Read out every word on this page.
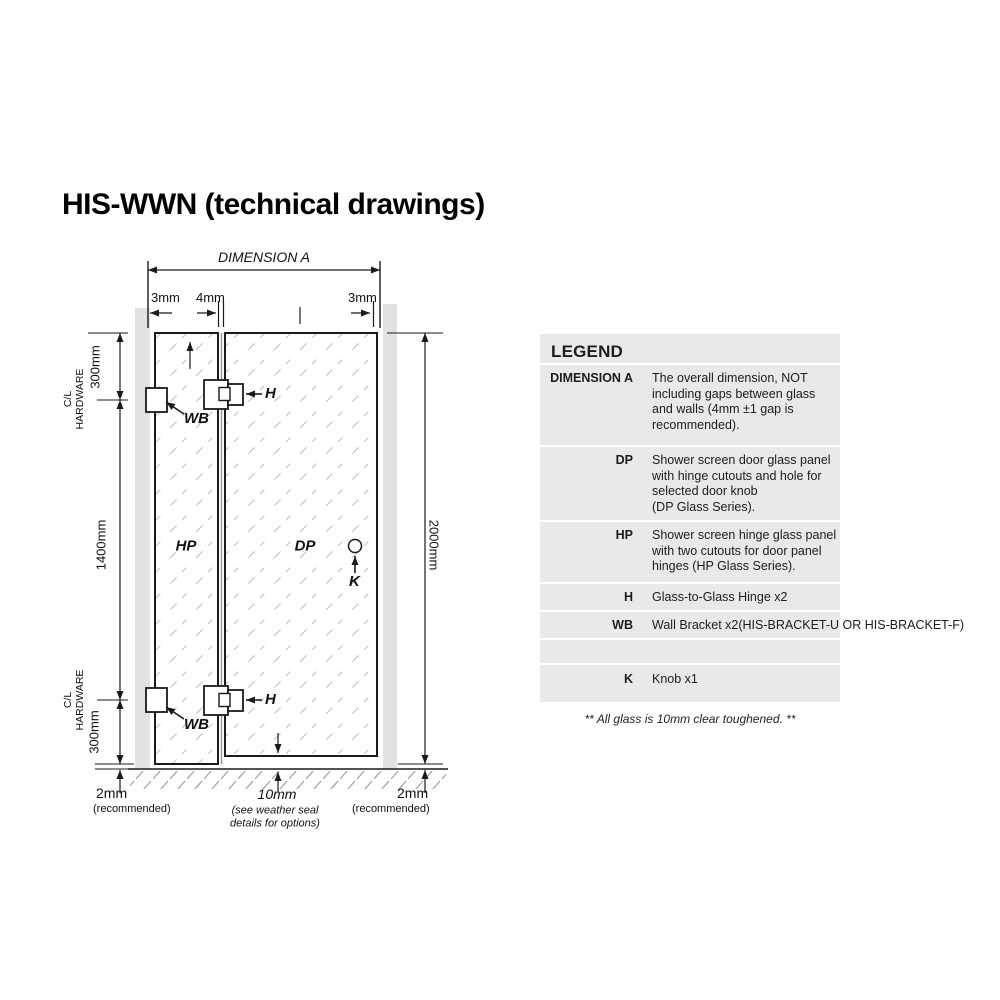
HIS-WWN (technical drawings)
DIMENSION A
3mm 4mm	3mm
C/L HARDWARE
300mm
1400mm
C/L HARDWARE
300mm
2000mm
HP	DP
WB
H
WB
H
K
2mm
(recommended)
10mm
(see weather seal
details for options)
2mm
(recommended)
LEGEND
DIMENSION A The overall dimension, NOT
including gaps between glass
and walls (4mm ±1 gap is
recommended).
DP Shower screen door glass panel
with hinge cutouts and hole for
selected door knob
(DP Glass Series).
HP Shower screen hinge glass panel
with two cutouts for door panel
hinges (HP Glass Series).
H Glass-to-Glass Hinge x2
WB Wall Bracket x2(HIS-BRACKET-U OR HIS-BRACKET-F)
K Knob x1
** All glass is 10mm clear toughened. **
